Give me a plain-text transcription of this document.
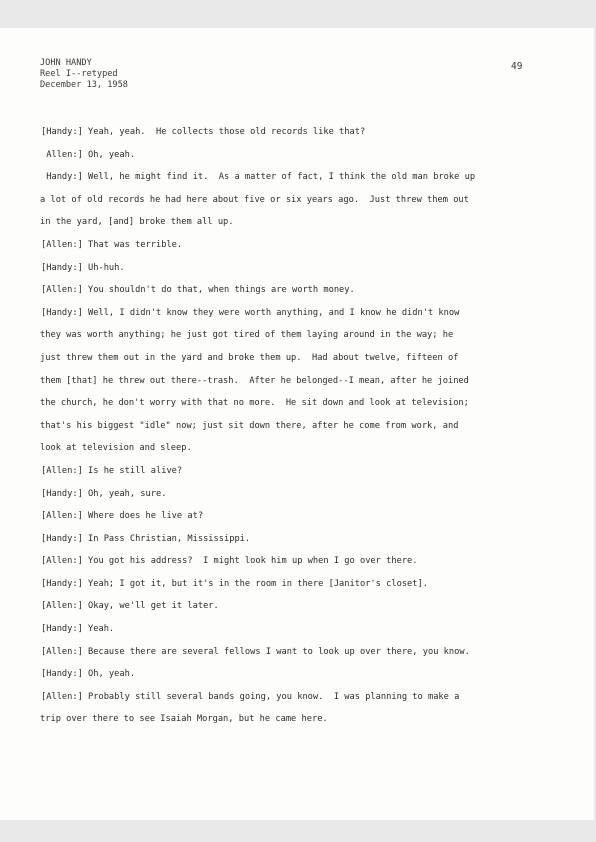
JOHN HANDY
Reel I--retyped
December 13, 1958
49
[Handy:] Yeah, yeah.  He collects those old records like that?
Allen:] Oh, yeah.
Handy:] Well, he might find it.  As a matter of fact, I think the old man broke up
a lot of old records he had here about five or six years ago.  Just threw them out
in the yard, [and] broke them all up.
[Allen:] That was terrible.
[Handy:] Uh-huh.
[Allen:] You shouldn't do that, when things are worth money.
[Handy:] Well, I didn't know they were worth anything, and I know he didn't know
they was worth anything; he just got tired of them laying around in the way; he
just threw them out in the yard and broke them up.  Had about twelve, fifteen of
them [that] he threw out there--trash.  After he belonged--I mean, after he joined
the church, he don't worry with that no more.  He sit down and look at television;
that's his biggest "idle" now; just sit down there, after he come from work, and
look at television and sleep.
[Allen:] Is he still alive?
[Handy:] Oh, yeah, sure.
[Allen:] Where does he live at?
[Handy:] In Pass Christian, Mississippi.
[Allen:] You got his address?  I might look him up when I go over there.
[Handy:] Yeah; I got it, but it's in the room in there [Janitor's closet].
[Allen:] Okay, we'll get it later.
[Handy:] Yeah.
[Allen:] Because there are several fellows I want to look up over there, you know.
[Handy:] Oh, yeah.
[Allen:] Probably still several bands going, you know.  I was planning to make a
trip over there to see Isaiah Morgan, but he came here.
